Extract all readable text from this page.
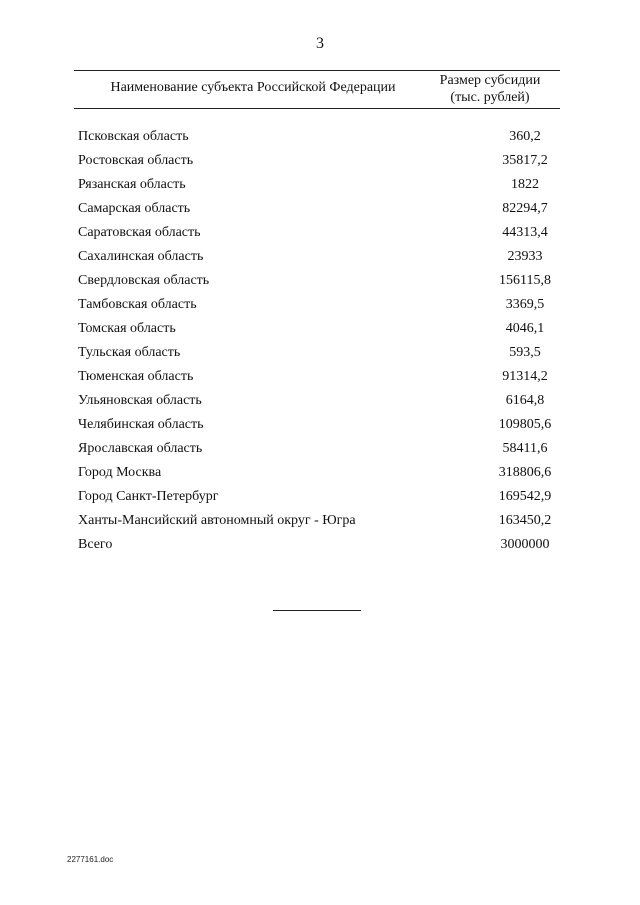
3
Наименование субъекта Российской Федерации	Размер субсидии
(тыс. рублей)
Псковская область	360,2
Ростовская область	35817,2
Рязанская область	1822
Самарская область	82294,7
Саратовская область	44313,4
Сахалинская область	23933
Свердловская область	156115,8
Тамбовская область	3369,5
Томская область	4046,1
Тульская область	593,5
Тюменская область	91314,2
Ульяновская область	6164,8
Челябинская область	109805,6
Ярославская область	58411,6
Город Москва	318806,6
Город Санкт-Петербург	169542,9
Ханты-Мансийский автономный округ - Югра	163450,2
Всего	3000000
2277161.doc
